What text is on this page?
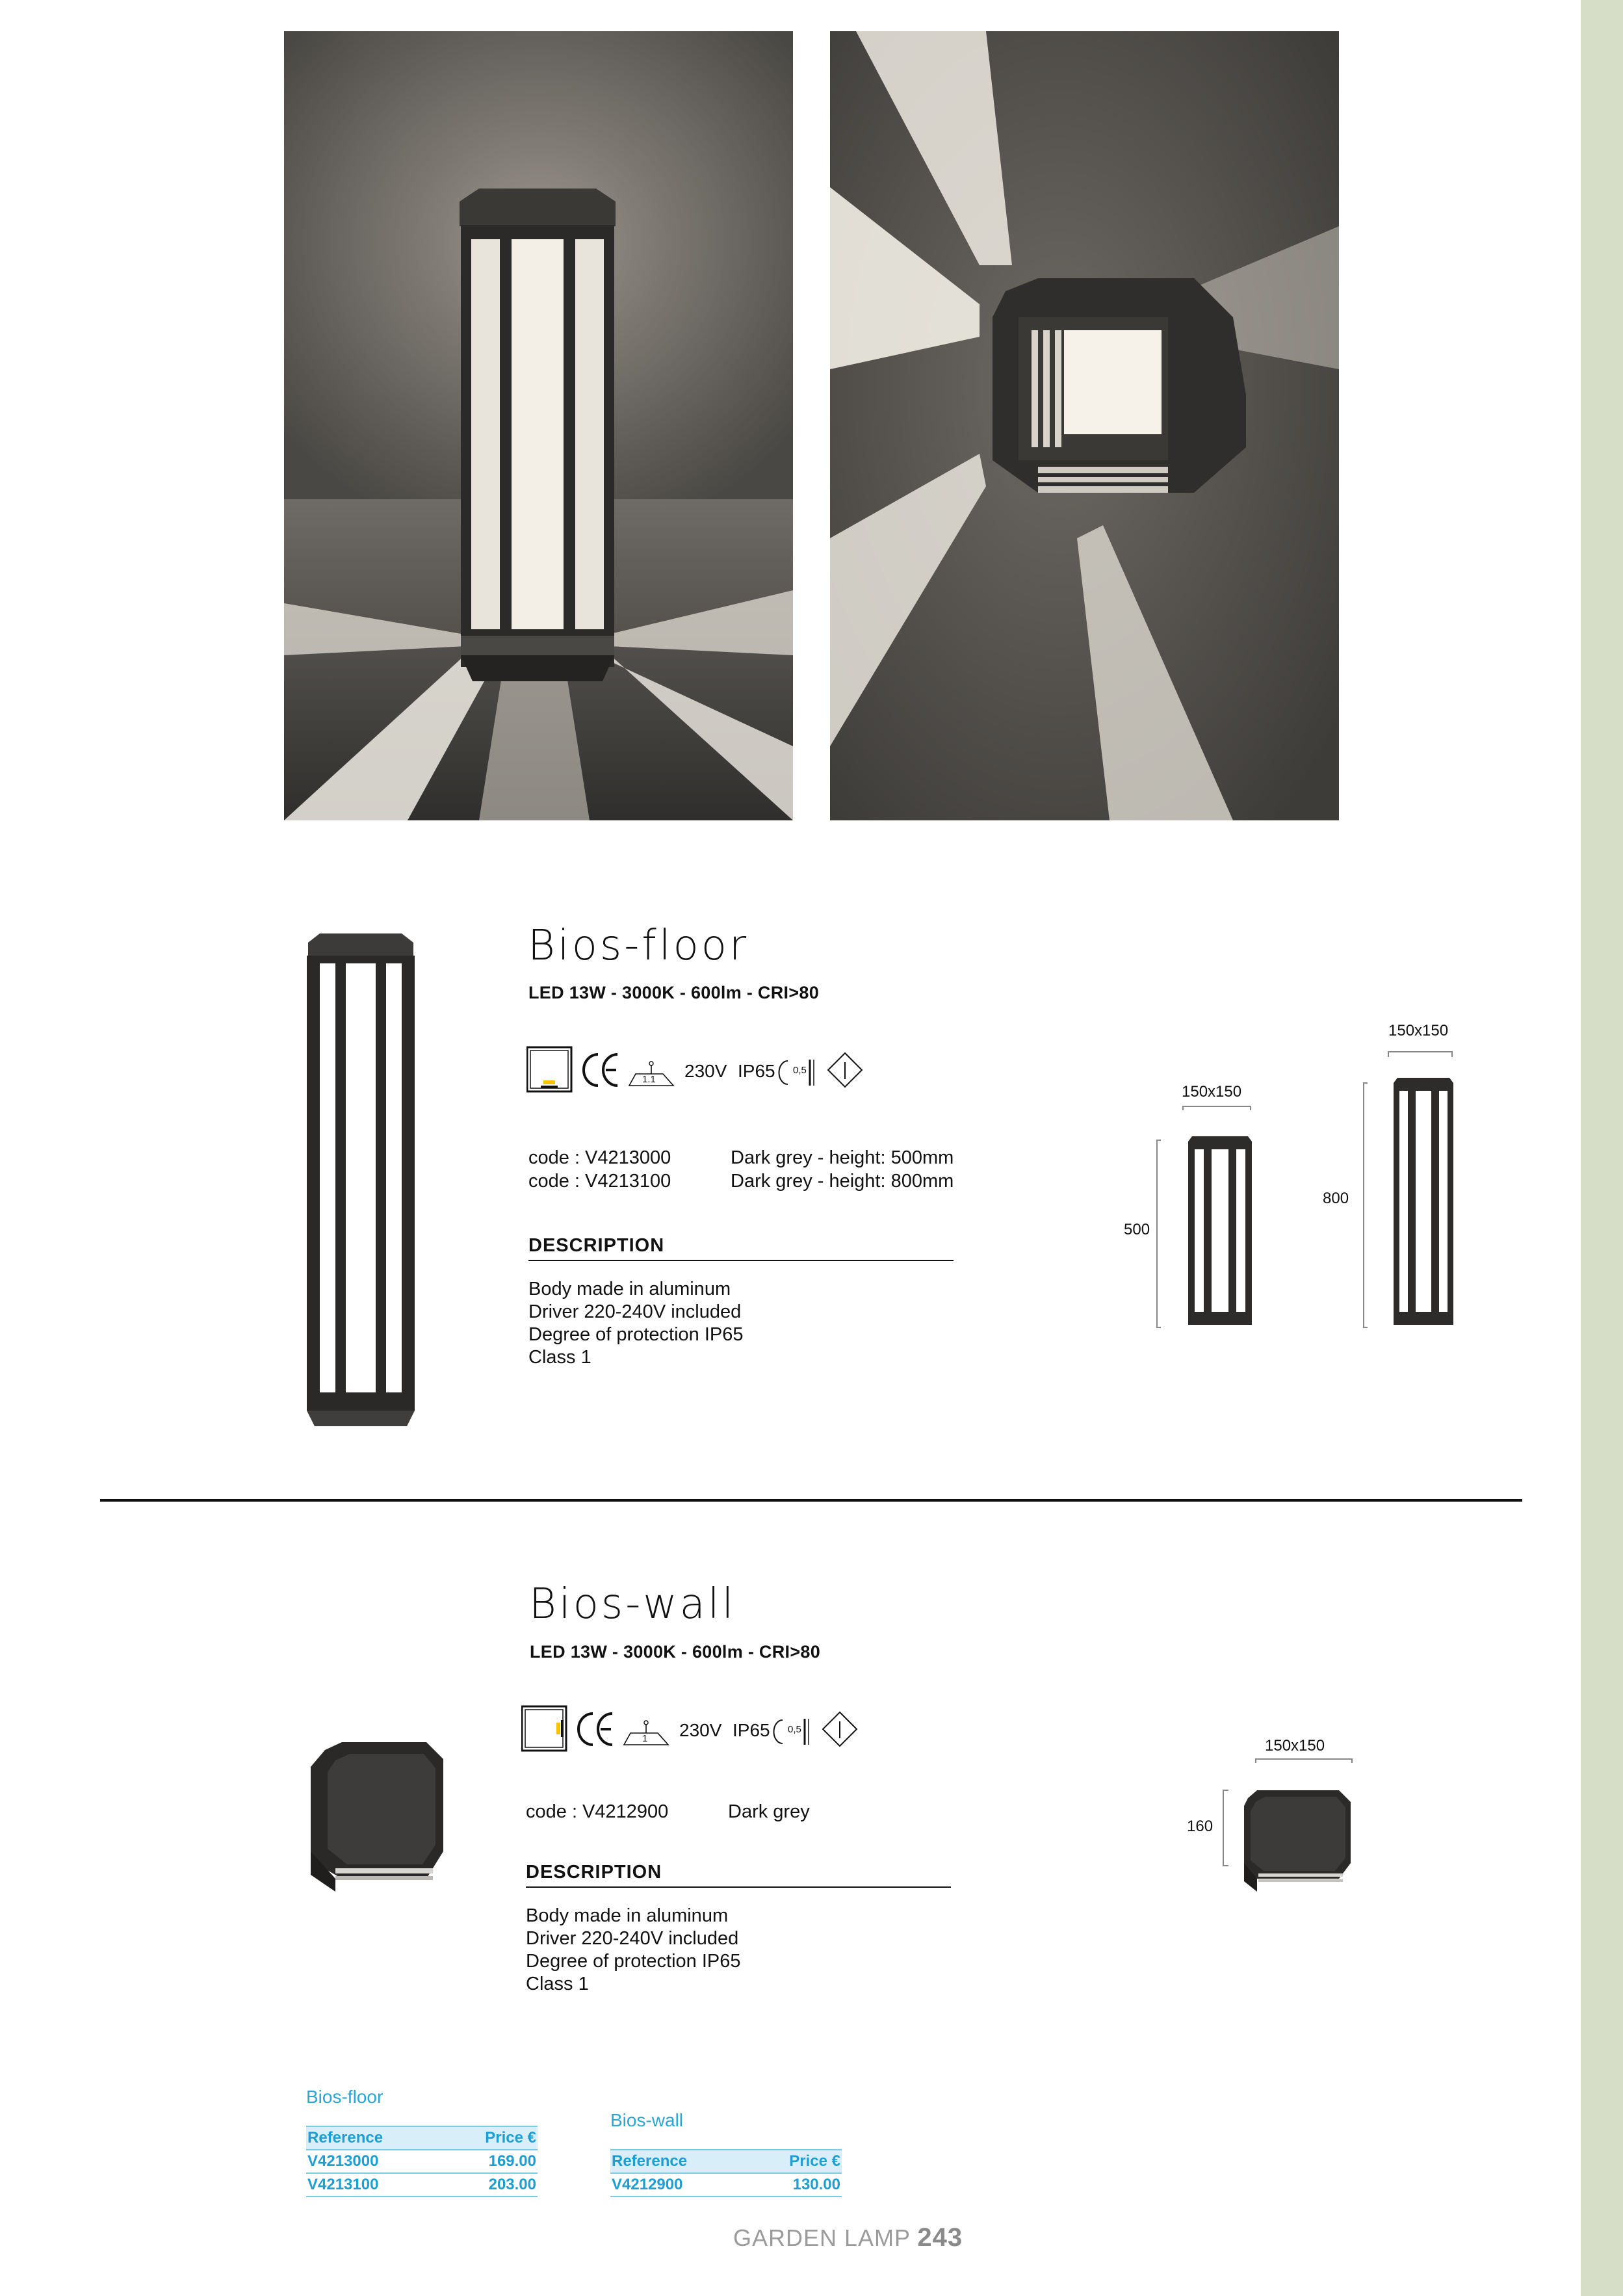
Bios-floor
LED 13W - 3000K - 600lm - CRI>80
1.1 230V IP65 0,5
code : V4213000	Dark grey - height: 500mm
code : V4213100	Dark grey - height: 800mm
DESCRIPTION
Body made in aluminum
Driver 220-240V included
Degree of protection IP65
Class 1
150x150
500
150x150
800
Bios-wall
LED 13W - 3000K - 600lm - CRI>80
1 230V IP65 0,5
code : V4212900	Dark grey
DESCRIPTION
Body made in aluminum
Driver 220-240V included
Degree of protection IP65
Class 1
150x150
160
Bios-floor
Reference	Price €
V4213000	169.00
V4213100	203.00
Bios-wall
Reference	Price €
V4212900	130.00
GARDEN LAMP 243
